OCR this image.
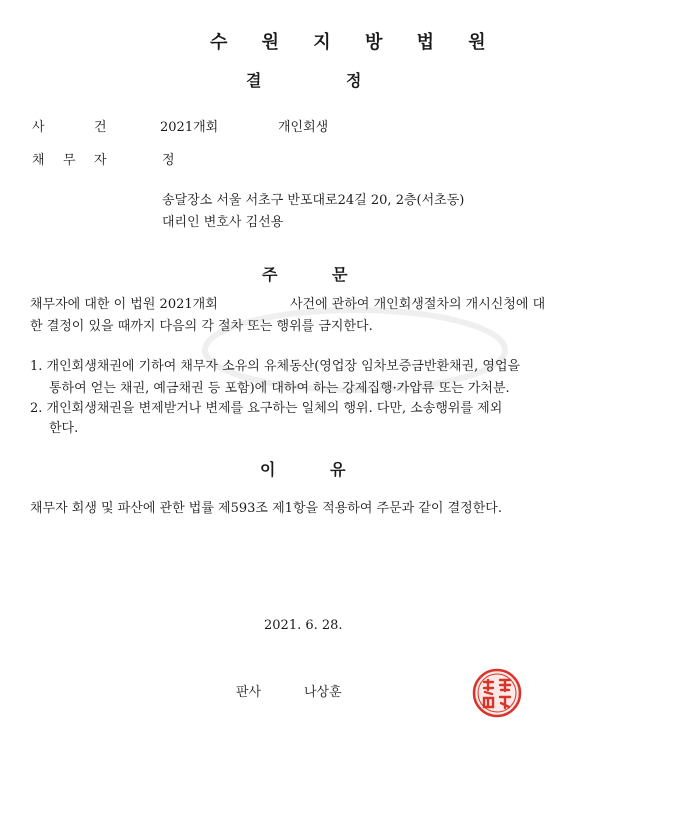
수 원 지 방 법 원
결	정
사	건	2021개회	개인회생
채 무 자	정
송달장소 서울 서초구 반포대로24길 20, 2층(서초동)
대리인 변호사 김선용
주	문
채무자에 대한 이 법원 2021개회	사건에 관하여 개인회생절차의 개시신청에 대
한 결정이 있을 때까지 다음의 각 절차 또는 행위를 금지한다.
1. 개인회생채권에 기하여 채무자 소유의 유체동산(영업장 임차보증금반환채권, 영업을
통하여 얻는 채권, 예금채권 등 포함)에 대하여 하는 강제집행·가압류 또는 가처분.
2. 개인회생채권을 변제받거나 변제를 요구하는 일체의 행위. 다만, 소송행위를 제외
한다.
이	유
채무자 회생 및 파산에 관한 법률 제593조 제1항을 적용하여 주문과 같이 결정한다.
2021. 6. 28.
판사	나상훈
